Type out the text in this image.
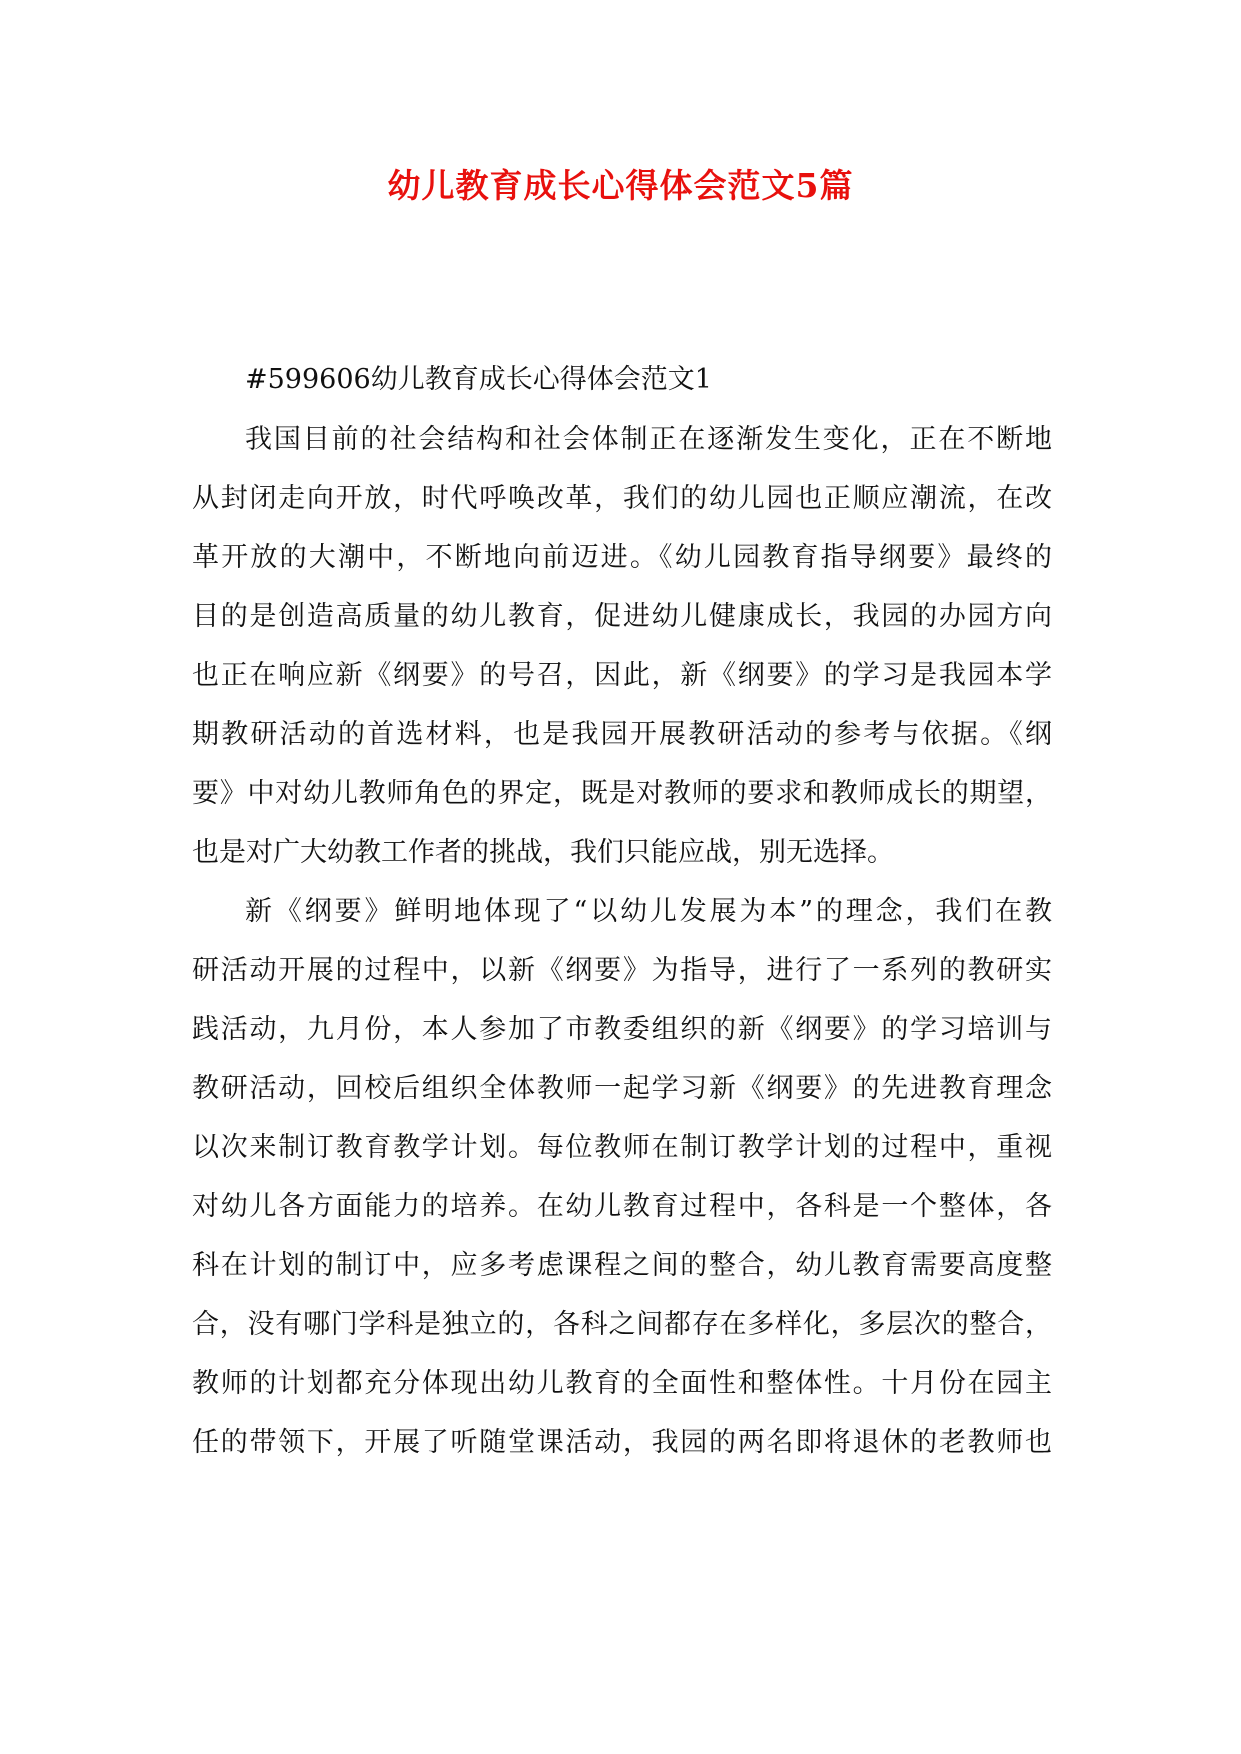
幼儿教育成长心得体会范文5篇
#599606幼儿教育成长心得体会范文1
我国目前的社会结构和社会体制正在逐渐发生变化，正在不断地
从封闭走向开放，时代呼唤改革，我们的幼儿园也正顺应潮流，在改
革开放的大潮中，不断地向前迈进。《幼儿园教育指导纲要》最终的
目的是创造高质量的幼儿教育，促进幼儿健康成长，我园的办园方向
也正在响应新《纲要》的号召，因此，新《纲要》的学习是我园本学
期教研活动的首选材料，也是我园开展教研活动的参考与依据。《纲
要》中对幼儿教师角色的界定，既是对教师的要求和教师成长的期望，
也是对广大幼教工作者的挑战，我们只能应战，别无选择。
新《纲要》鲜明地体现了“以幼儿发展为本”的理念，我们在教
研活动开展的过程中，以新《纲要》为指导，进行了一系列的教研实
践活动，九月份，本人参加了市教委组织的新《纲要》的学习培训与
教研活动，回校后组织全体教师一起学习新《纲要》的先进教育理念
以次来制订教育教学计划。每位教师在制订教学计划的过程中，重视
对幼儿各方面能力的培养。在幼儿教育过程中，各科是一个整体，各
科在计划的制订中，应多考虑课程之间的整合，幼儿教育需要高度整
合，没有哪门学科是独立的，各科之间都存在多样化，多层次的整合，
教师的计划都充分体现出幼儿教育的全面性和整体性。十月份在园主
任的带领下，开展了听随堂课活动，我园的两名即将退休的老教师也
